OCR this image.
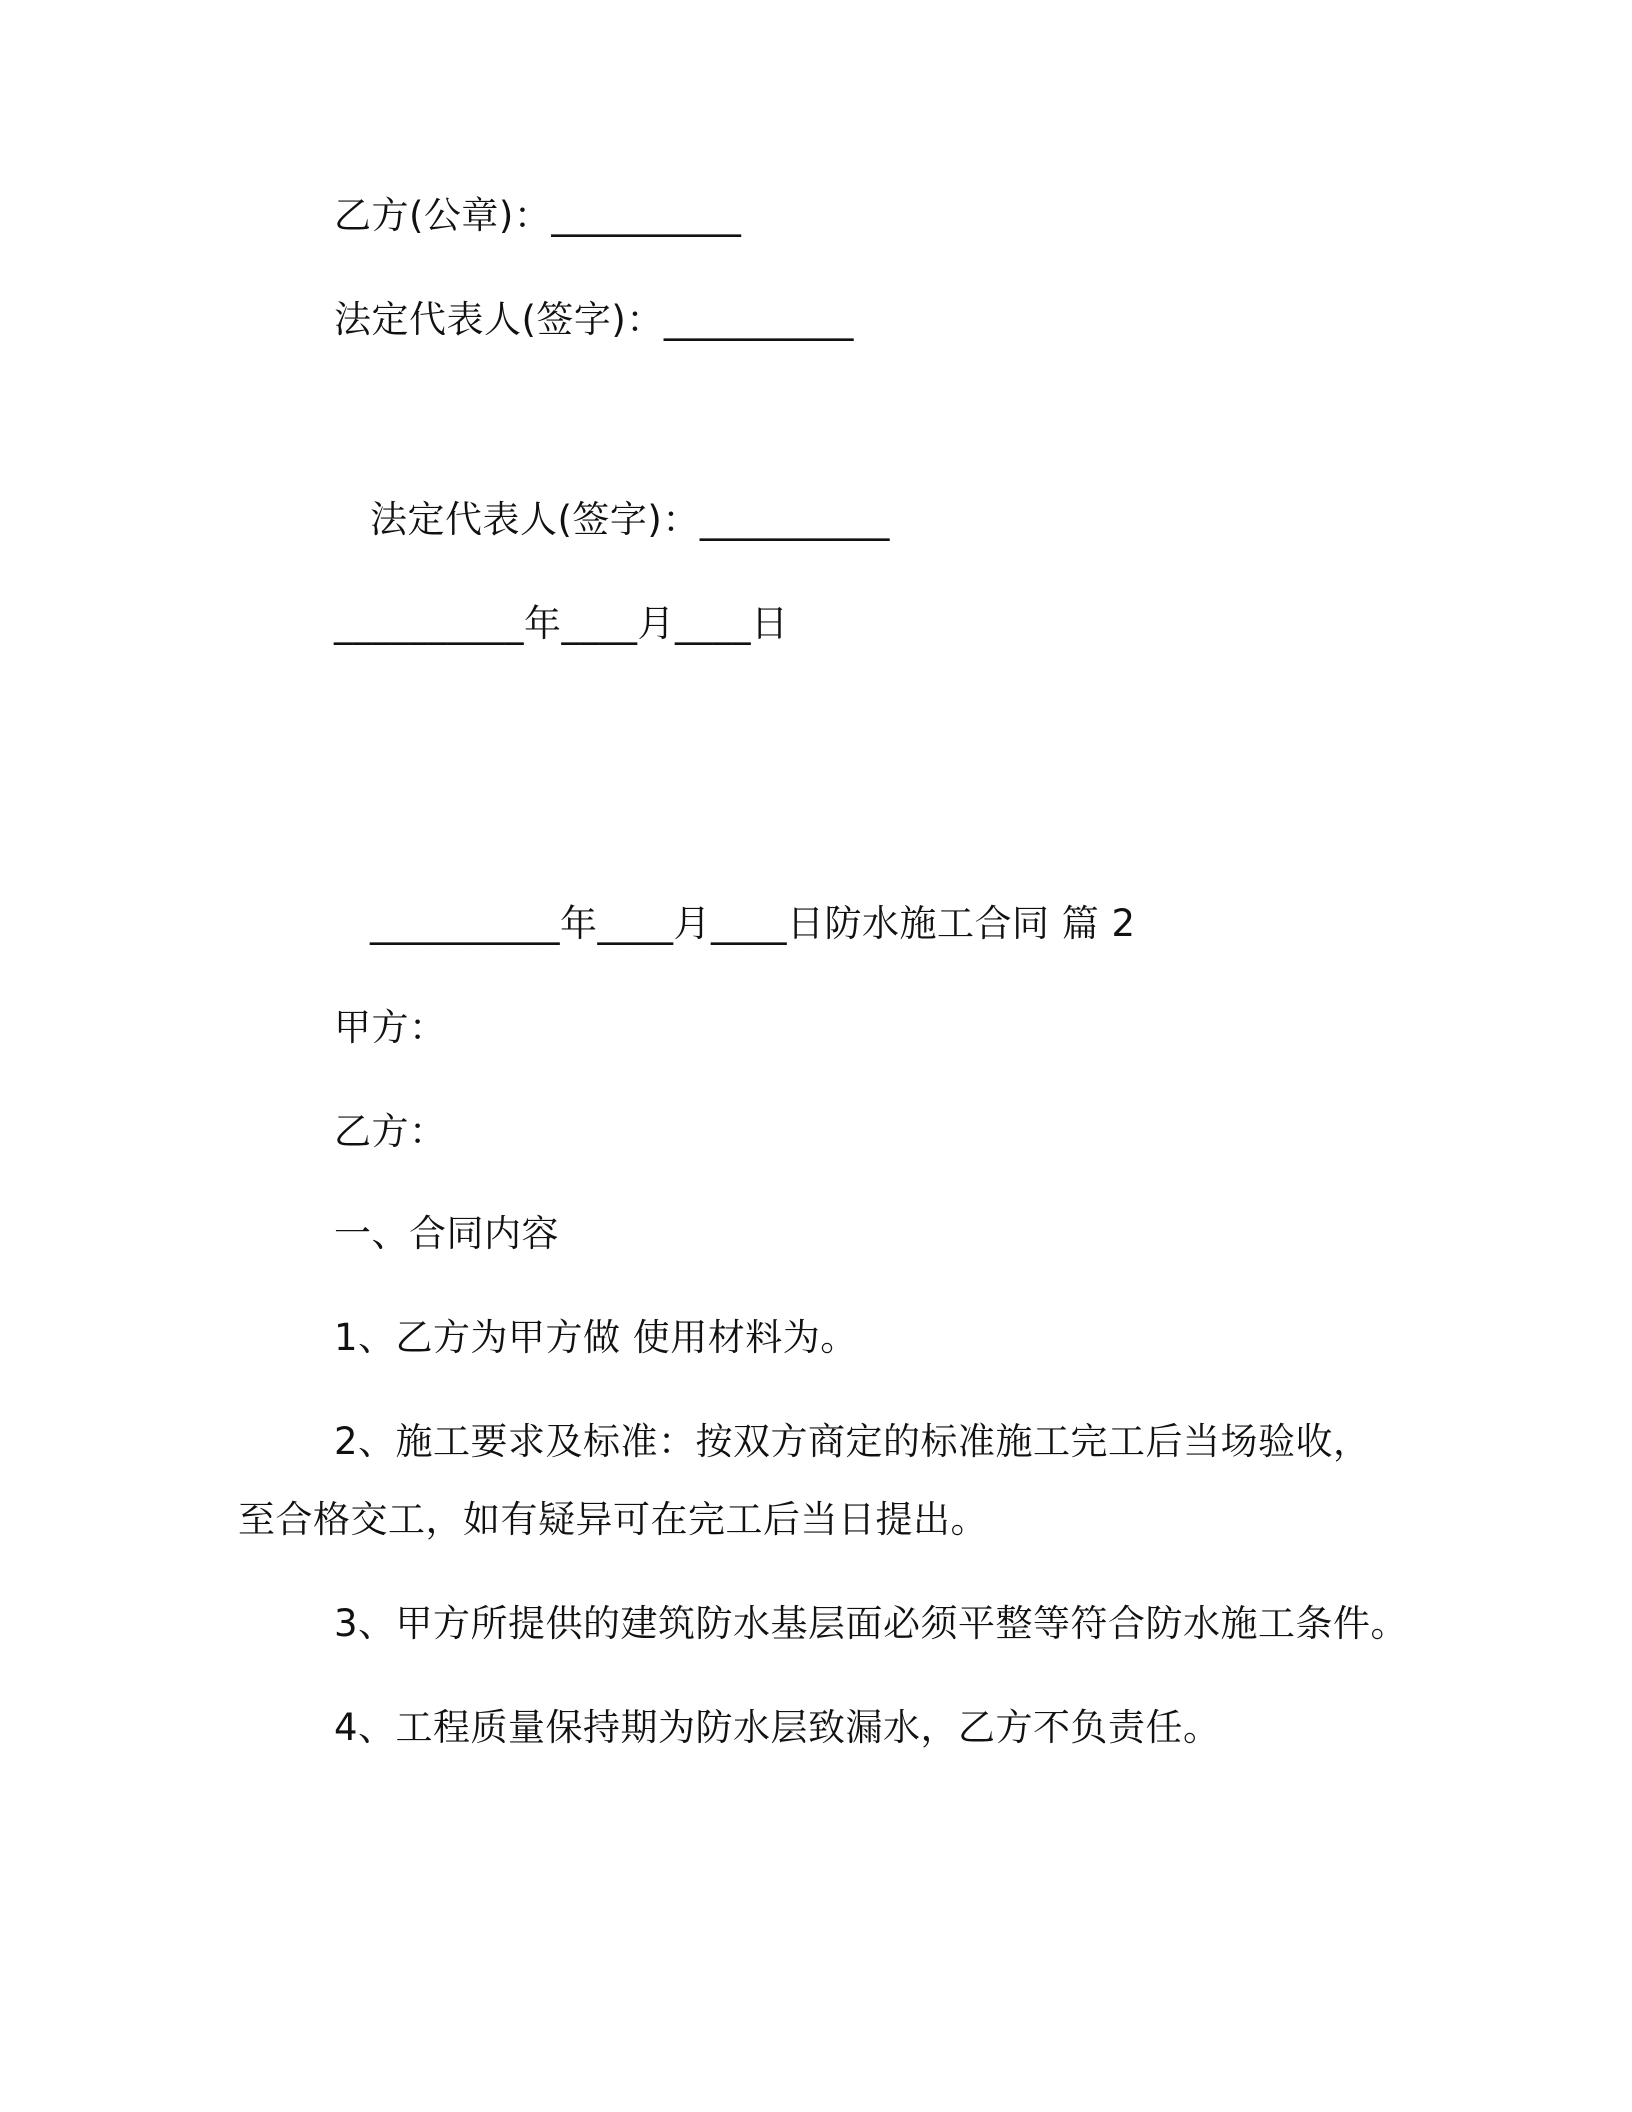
乙方(公章)：__________
法定代表人(签字)：__________
法定代表人(签字)：__________
__________年____月____日
__________年____月____日防水施工合同 篇 2
甲方：
乙方：
一、合同内容
1、乙方为甲方做 使用材料为。
2、施工要求及标准：按双方商定的标准施工完工后当场验收，
至合格交工，如有疑异可在完工后当日提出。
3、甲方所提供的建筑防水基层面必须平整等符合防水施工条件。
4、工程质量保持期为防水层致漏水，乙方不负责任。
